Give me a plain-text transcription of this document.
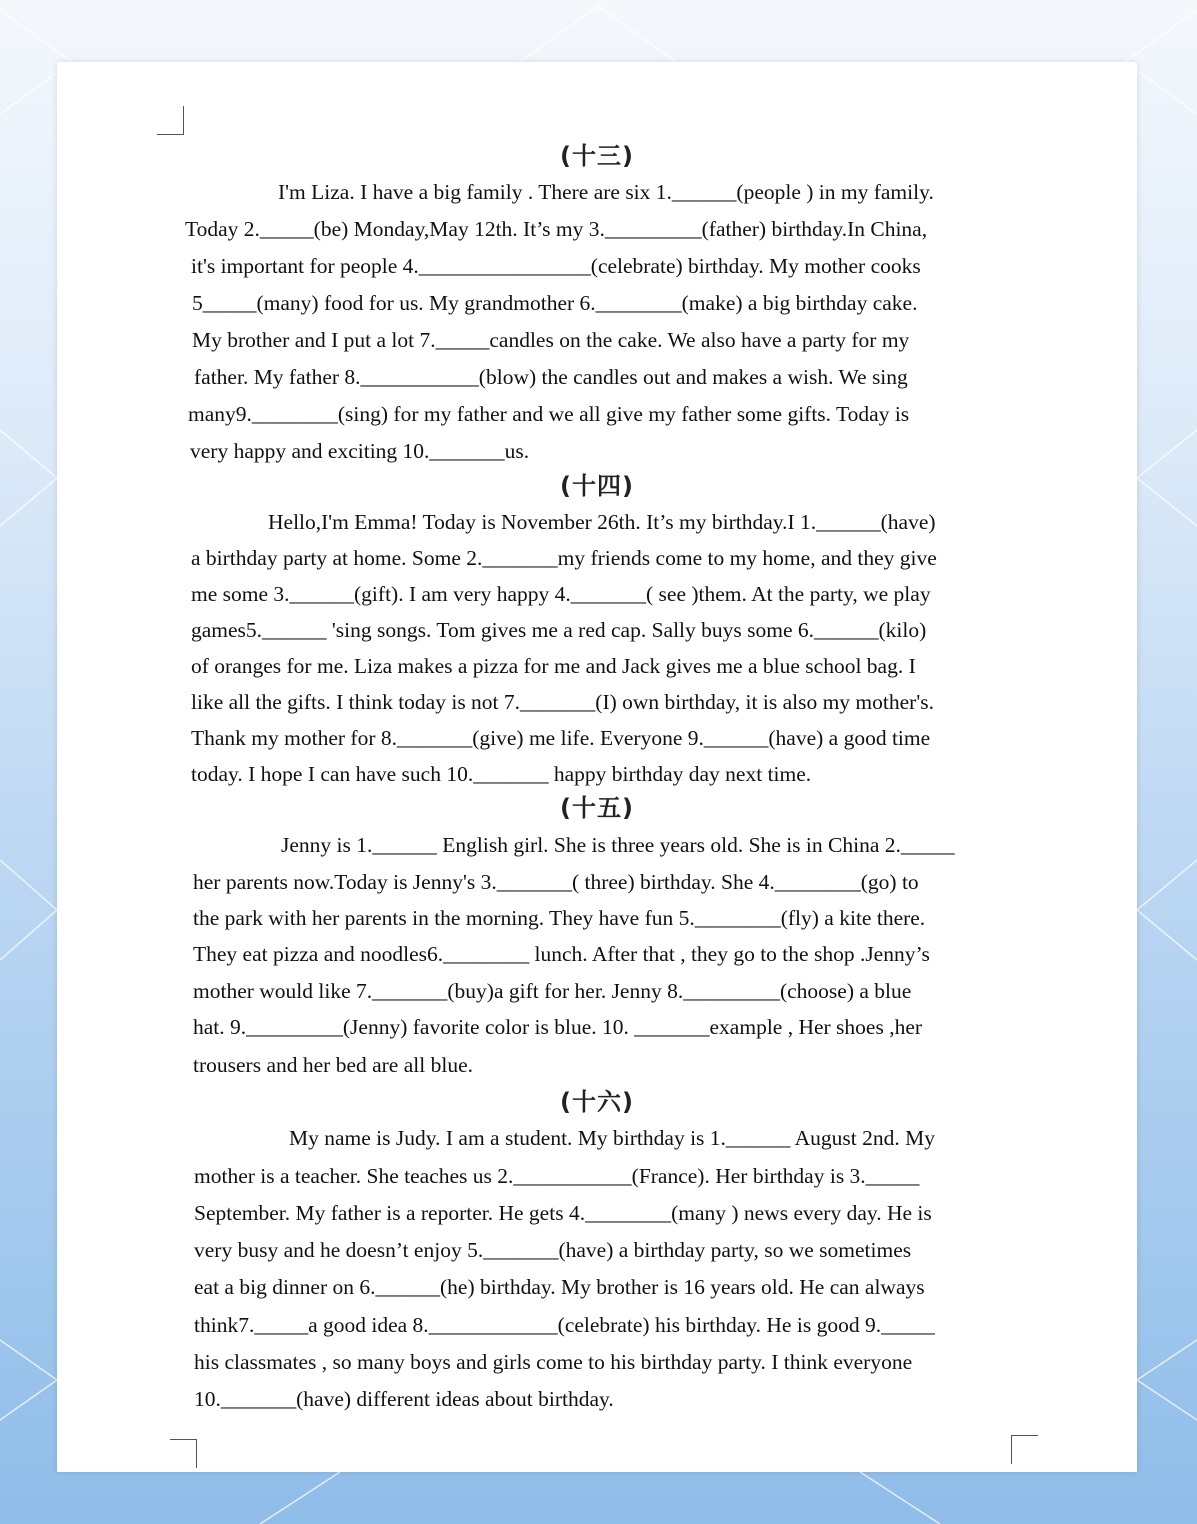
(十三)
I'm Liza. I have a big family . There are six 1.______(people ) in my family.
Today 2._____(be) Monday,May 12th. It’s my 3._________(father) birthday.In China,
it's important for people 4.________________(celebrate) birthday. My mother cooks
5_____(many) food for us. My grandmother 6.________(make) a big birthday cake.
My brother and I put a lot 7._____candles on the cake. We also have a party for my
father. My father 8.___________(blow) the candles out and makes a wish. We sing
many9.________(sing) for my father and we all give my father some gifts. Today is
very happy and exciting 10._______us.
(十四)
Hello,I'm Emma! Today is November 26th. It’s my birthday.I 1.______(have)
a birthday party at home. Some 2._______my friends come to my home, and they give
me some 3.______(gift). I am very happy 4._______( see )them. At the party, we play
games5.______ 'sing songs. Tom gives me a red cap. Sally buys some 6.______(kilo)
of oranges for me. Liza makes a pizza for me and Jack gives me a blue school bag. I
like all the gifts. I think today is not 7._______(I) own birthday, it is also my mother's.
Thank my mother for 8._______(give) me life. Everyone 9.______(have) a good time
today. I hope I can have such 10._______ happy birthday day next time.
(十五)
Jenny is 1.______ English girl. She is three years old. She is in China 2._____
her parents now.Today is Jenny's 3._______( three) birthday. She 4.________(go) to
the park with her parents in the morning. They have fun 5.________(fly) a kite there.
They eat pizza and noodles6.________ lunch. After that , they go to the shop .Jenny’s
mother would like 7._______(buy)a gift for her. Jenny 8._________(choose) a blue
hat. 9._________(Jenny) favorite color is blue. 10. _______example , Her shoes ,her
trousers and her bed are all blue.
(十六)
My name is Judy. I am a student. My birthday is 1.______ August 2nd. My
mother is a teacher. She teaches us 2.___________(France). Her birthday is 3._____
September. My father is a reporter. He gets 4.________(many ) news every day. He is
very busy and he doesn’t enjoy 5._______(have) a birthday party, so we sometimes
eat a big dinner on 6.______(he) birthday. My brother is 16 years old. He can always
think7._____a good idea 8.____________(celebrate) his birthday. He is good 9._____
his classmates , so many boys and girls come to his birthday party. I think everyone
10._______(have) different ideas about birthday.
